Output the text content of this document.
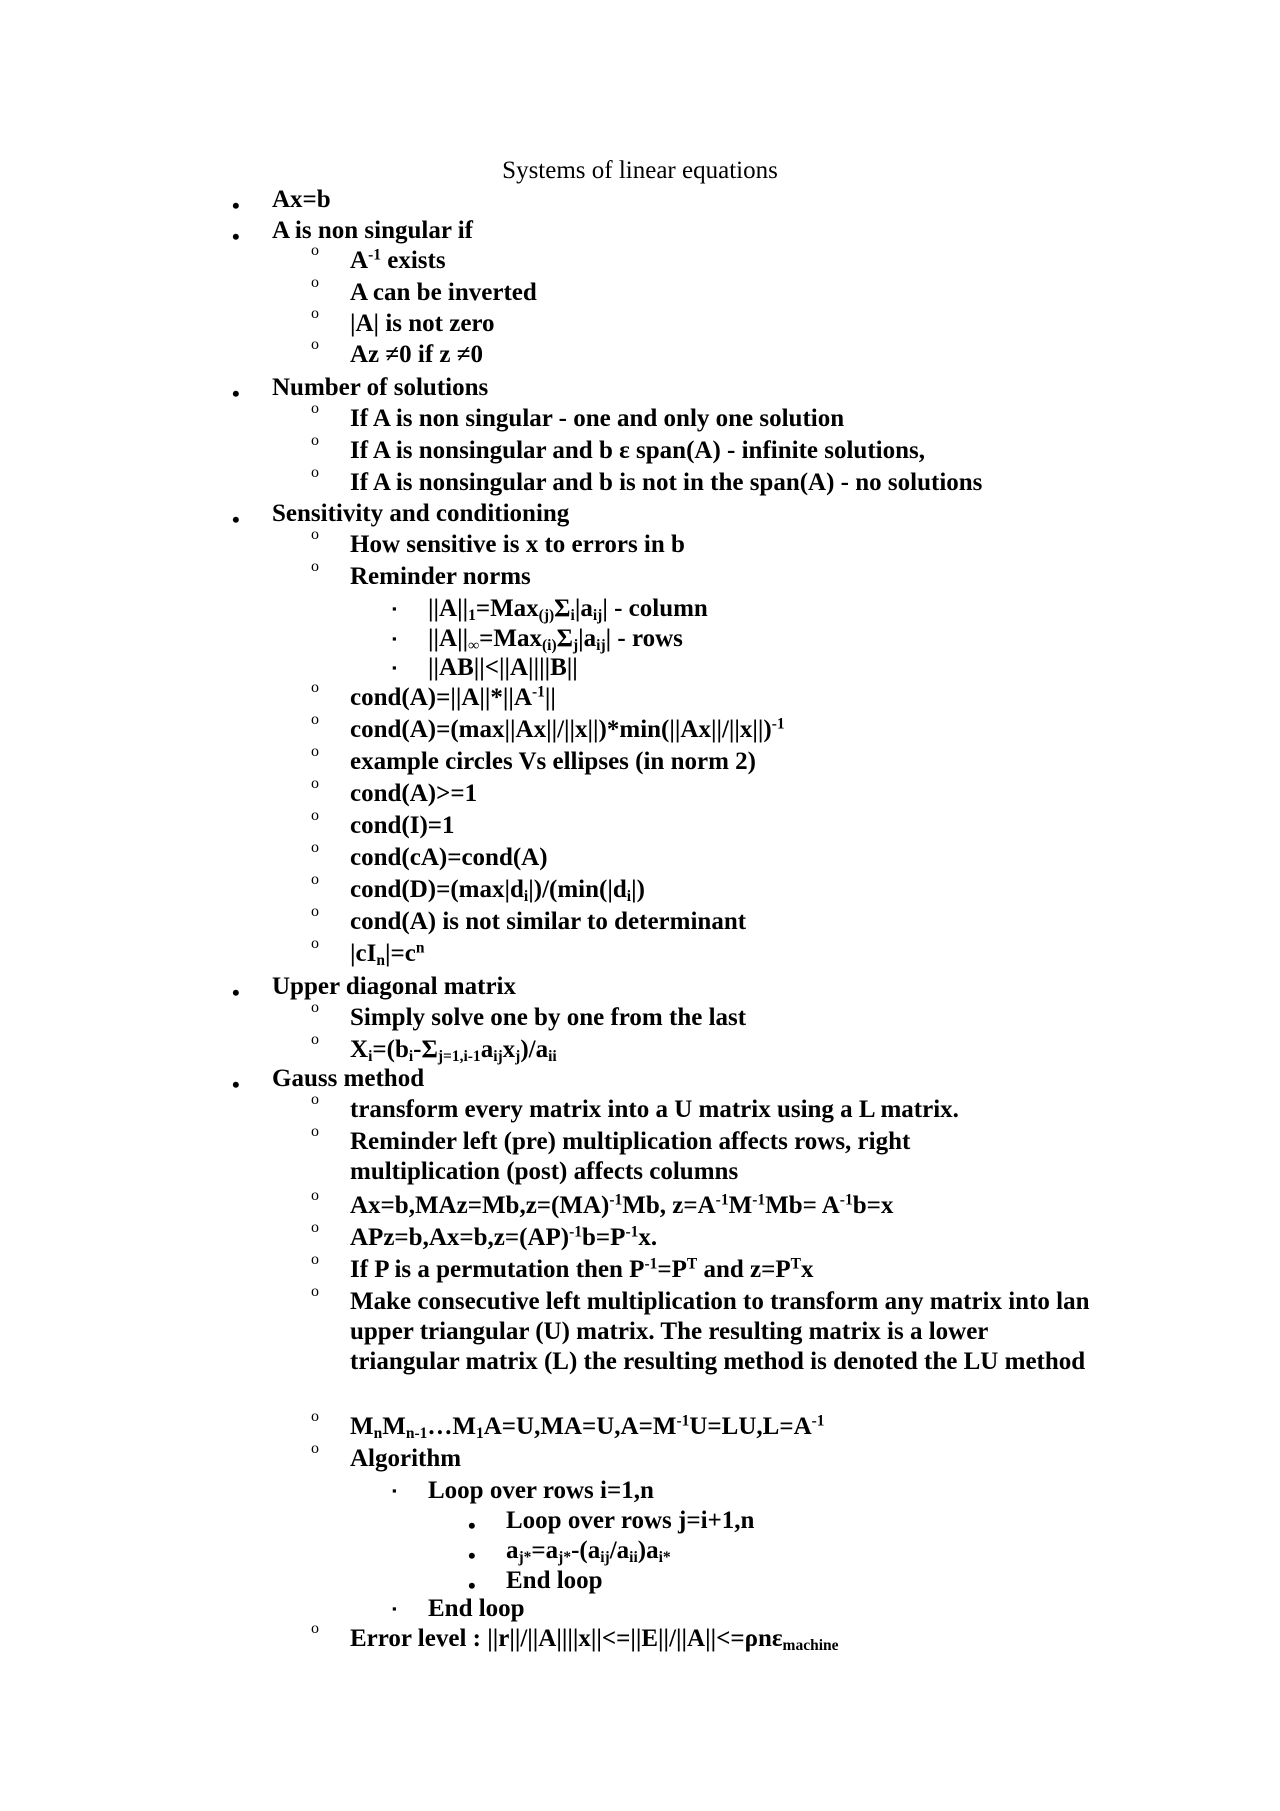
Systems of linear equations
• Ax=b
• A is non singular if
o $A^{-1}$ exists
o A can be inverted
o |A| is not zero
o Az ≠0 if z ≠0
• Number of solutions
o If A is non singular - one and only one solution
o If A is nonsingular and b ε span(A) - infinite solutions,
o If A is nonsingular and b is not in the span(A) - no solutions
• Sensitivity and conditioning
o How sensitive is x to errors in b
o Reminder norms
▪ $||A||_1=Max_{(j)}\Sigma_i|a_{ij}|$ - column
▪ $||A||_\infty=Max_{(i)}\Sigma_j|a_{ij}|$ - rows
▪ ||AB||<||A||||B||
o $cond(A)=||A||*||A^{-1}||$
o $cond(A)=(\max||Ax||/||x||)*\min(||Ax||/||x||)^{-1}$
o example circles Vs ellipses (in norm 2)
o cond(A)>=1
o cond(I)=1
o cond(cA)=cond(A)
o $cond(D)=(\max|d_i|)/(\min(|d_i|)$
o cond(A) is not similar to determinant
o $|cI_n|=c^n$
• Upper diagonal matrix
o Simply solve one by one from the last
o $X_i=(b_i-\Sigma_{j=1,i-1}a_{ij}x_j)/a_{ii}$
• Gauss method
o transform every matrix into a U matrix using a L matrix.
o Reminder left (pre) multiplication affects rows, right multiplication (post) affects columns
o Ax=b,MAz=Mb,z=(MA)$^{-1}$Mb, $z=A^{-1}M^{-1}Mb= A^{-1}b=x$
o $APz=b,Ax=b,z=(AP)^{-1}b=P^{-1}x$.
o If P is a permutation then $P^{-1}=P^T$ and $z=P^Tx$
o Make consecutive left multiplication to transform any matrix into lan upper triangular (U) matrix. The resulting matrix is a lower triangular matrix (L) the resulting method is denoted the LU method
o $M_nM_{n-1}\dots M_1A=U,MA=U,A=M^{-1}U=LU,L=A^{-1}$
o Algorithm
▪ Loop over rows i=1,n
• Loop over rows j=i+1,n
• $a_{j*}=a_{j*}-(a_{ij}/a_{ii})a_{i*}$
• End loop
▪ End loop
o Error level : ||r||/||A||||x||<=||E||/||A||<=ρnε$_{machine}$
